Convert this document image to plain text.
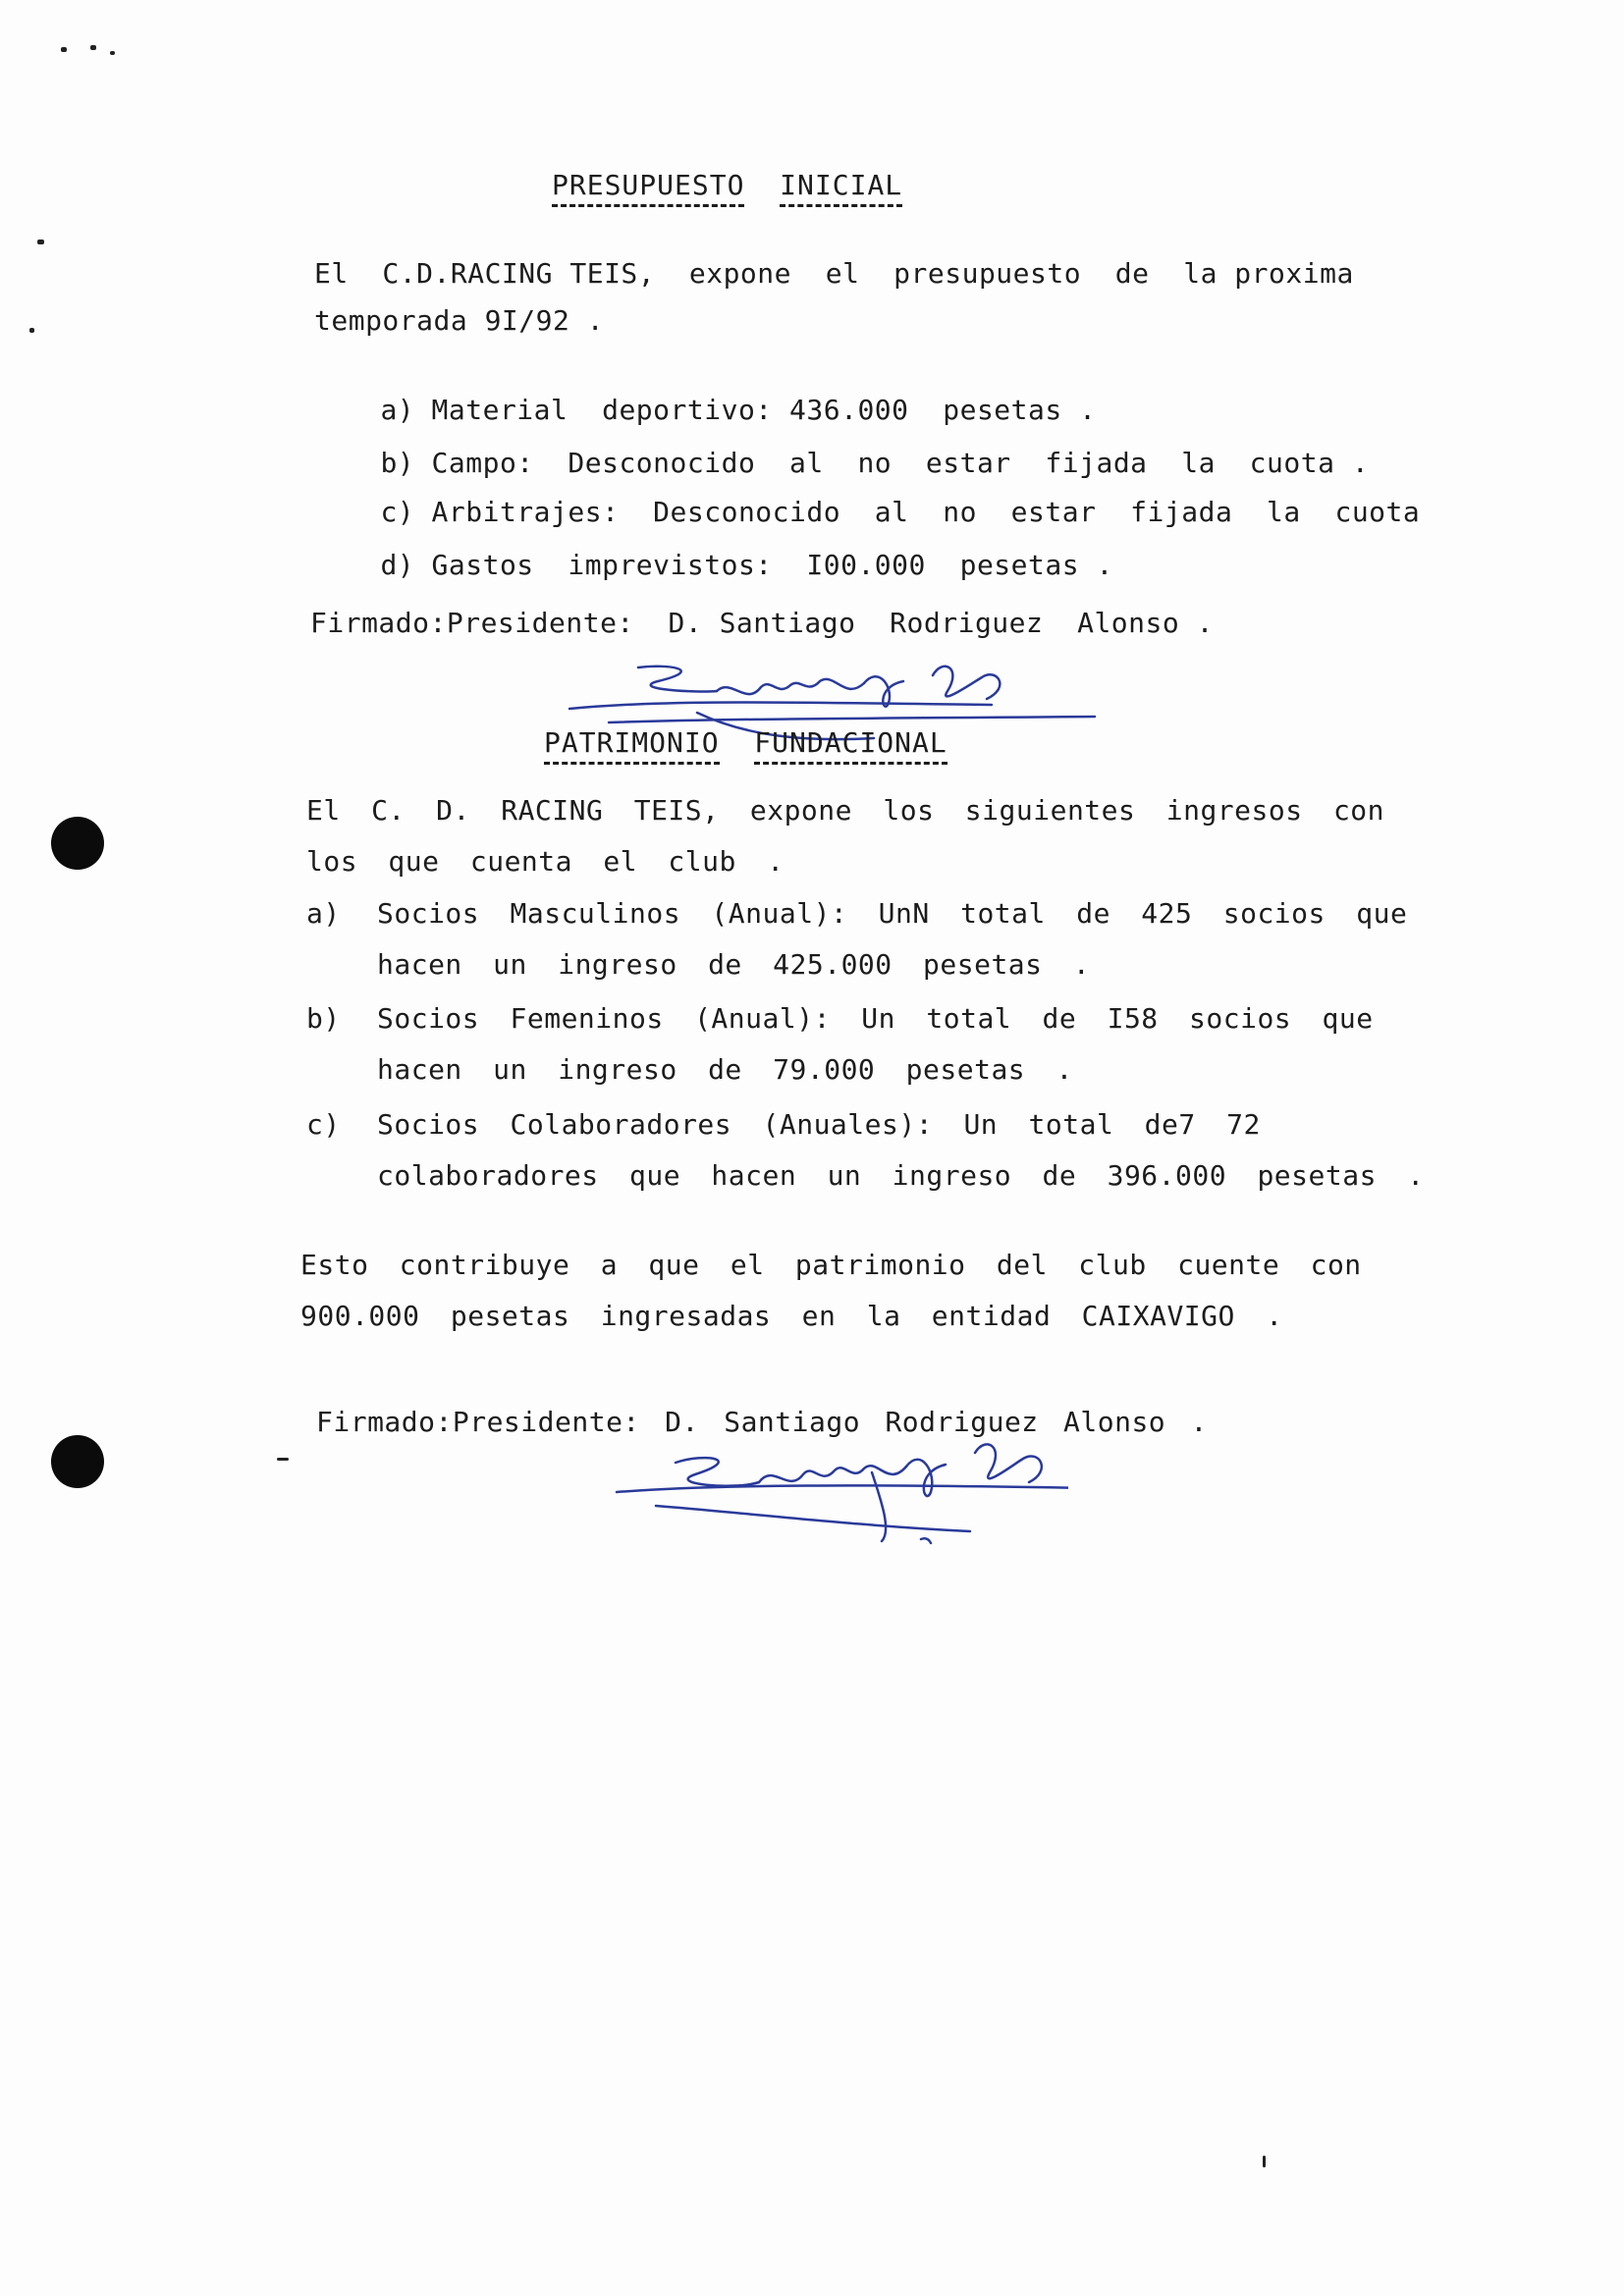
PRESUPUESTO INICIAL
El  C.D.RACING TEIS,  expone  el  presupuesto  de  la proxima
temporada 9I/92 .

a) Material  deportivo: 436.000  pesetas .

b) Campo:  Desconocido  al  no  estar  fijada  la  cuota .

c) Arbitrajes:  Desconocido  al  no  estar  fijada  la  cuota

d) Gastos  imprevistos:  I00.000  pesetas .

Firmado:Presidente:  D. Santiago  Rodriguez  Alonso .
PATRIMONIO FUNDACIONAL
El C. D. RACING TEIS, expone los siguientes ingresos con los que cuenta el club .
a)	Socios Masculinos (Anual): UnN total de 425 socios que hacen un ingreso de 425.000 pesetas .
b)	Socios Femeninos (Anual): Un total de I58 socios que hacen un ingreso de 79.000 pesetas .
c)	Socios Colaboradores (Anuales): Un total de7 72 colaboradores que hacen un ingreso de 396.000 pesetas .
Esto contribuye a que el patrimonio del club cuente con 900.000 pesetas ingresadas en la entidad CAIXAVIGO .
Firmado:Presidente: D. Santiago Rodriguez Alonso .
